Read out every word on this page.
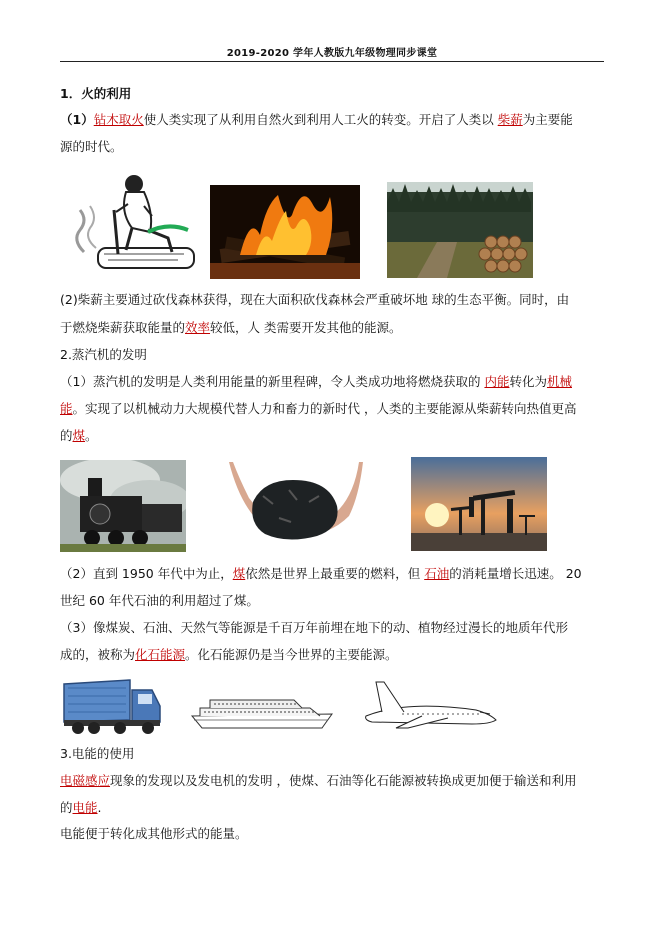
2019-2020 学年人教版九年级物理同步课堂
1．火的利用
（1）钻木取火使人类实现了从利用自然火到利用人工火的转变。开启了人类以 柴薪为主要能
源的时代。
(2)柴薪主要通过砍伐森林获得，现在大面积砍伐森林会严重破坏地 球的生态平衡。同时，由
于燃烧柴薪获取能量的效率较低，人 类需要开发其他的能源。
2.蒸汽机的发明
（1）蒸汽机的发明是人类利用能量的新里程碑，令人类成功地将燃烧获取的 内能转化为机械
能。实现了以机械动力大规模代替人力和畜力的新时代 ，人类的主要能源从柴薪转向热值更高
的煤。
（2）直到 1950 年代中为止，煤依然是世界上最重要的燃料，但 石油的消耗量增长迅速。 20
世纪 60 年代石油的利用超过了煤。
（3）像煤炭、石油、天然气等能源是千百万年前埋在地下的动、植物经过漫长的地质年代形
成的，被称为化石能源。化石能源仍是当今世界的主要能源。
3.电能的使用
电磁感应现象的发现以及发电机的发明 ，使煤、石油等化石能源被转换成更加便于输送和利用
的电能.
电能便于转化成其他形式的能量。
